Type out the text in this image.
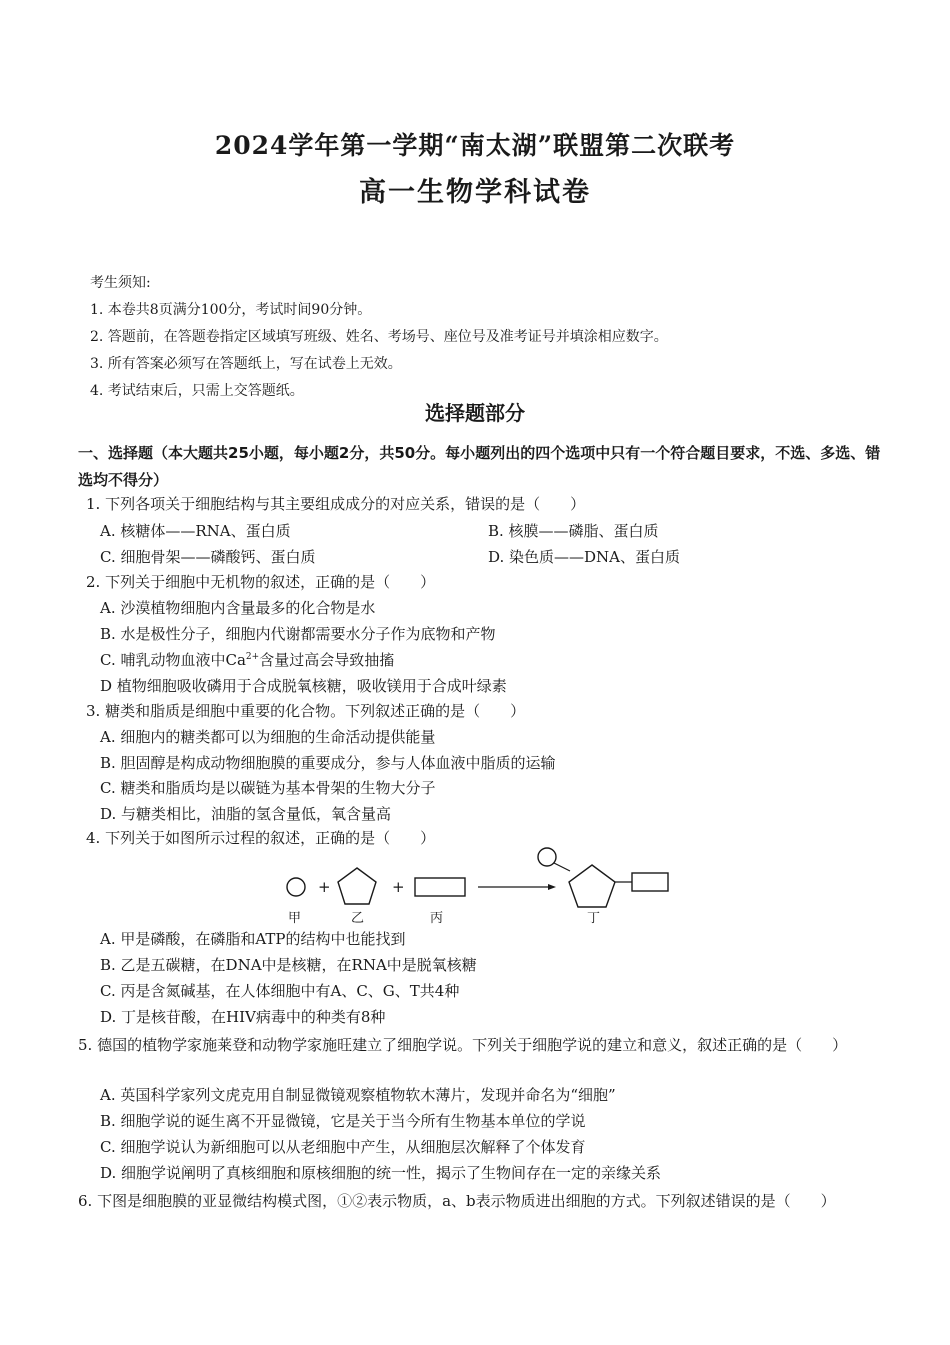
2024学年第一学期“南太湖”联盟第二次联考
高一生物学科试卷
考生须知:
1. 本卷共8页满分100分，考试时间90分钟。
2. 答题前，在答题卷指定区域填写班级、姓名、考场号、座位号及准考证号并填涂相应数字。
3. 所有答案必须写在答题纸上，写在试卷上无效。
4. 考试结束后，只需上交答题纸。
选择题部分
一、选择题（本大题共25小题，每小题2分，共50分。每小题列出的四个选项中只有一个符合题目要求，不选、多选、错选均不得分）
1. 下列各项关于细胞结构与其主要组成成分的对应关系，错误的是（　　）
A. 核糖体——RNA、蛋白质	B. 核膜——磷脂、蛋白质
C. 细胞骨架——磷酸钙、蛋白质	D. 染色质——DNA、蛋白质
2. 下列关于细胞中无机物的叙述，正确的是（　　）
A. 沙漠植物细胞内含量最多的化合物是水
B. 水是极性分子，细胞内代谢都需要水分子作为底物和产物
C. 哺乳动物血液中$Ca^{2+}$含量过高会导致抽搐
D 植物细胞吸收磷用于合成脱氧核糖，吸收镁用于合成叶绿素
3. 糖类和脂质是细胞中重要的化合物。下列叙述正确的是（　　）
A. 细胞内的糖类都可以为细胞的生命活动提供能量
B. 胆固醇是构成动物细胞膜的重要成分，参与人体血液中脂质的运输
C. 糖类和脂质均是以碳链为基本骨架的生物大分子
D. 与糖类相比，油脂的氢含量低，氧含量高
4. 下列关于如图所示过程的叙述，正确的是（　　）
+	+
甲	乙	丙	丁
A. 甲是磷酸，在磷脂和ATP的结构中也能找到
B. 乙是五碳糖，在DNA中是核糖，在RNA中是脱氧核糖
C. 丙是含氮碱基，在人体细胞中有A、C、G、T共4种
D. 丁是核苷酸，在HIV病毒中的种类有8种
5. 德国的植物学家施莱登和动物学家施旺建立了细胞学说。下列关于细胞学说的建立和意义，叙述正确的是（　　）
A. 英国科学家列文虎克用自制显微镜观察植物软木薄片，发现并命名为“细胞”
B. 细胞学说的诞生离不开显微镜，它是关于当今所有生物基本单位的学说
C. 细胞学说认为新细胞可以从老细胞中产生，从细胞层次解释了个体发育
D. 细胞学说阐明了真核细胞和原核细胞的统一性，揭示了生物间存在一定的亲缘关系
6. 下图是细胞膜的亚显微结构模式图，①②表示物质，a、b表示物质进出细胞的方式。下列叙述错误的是（　　）
